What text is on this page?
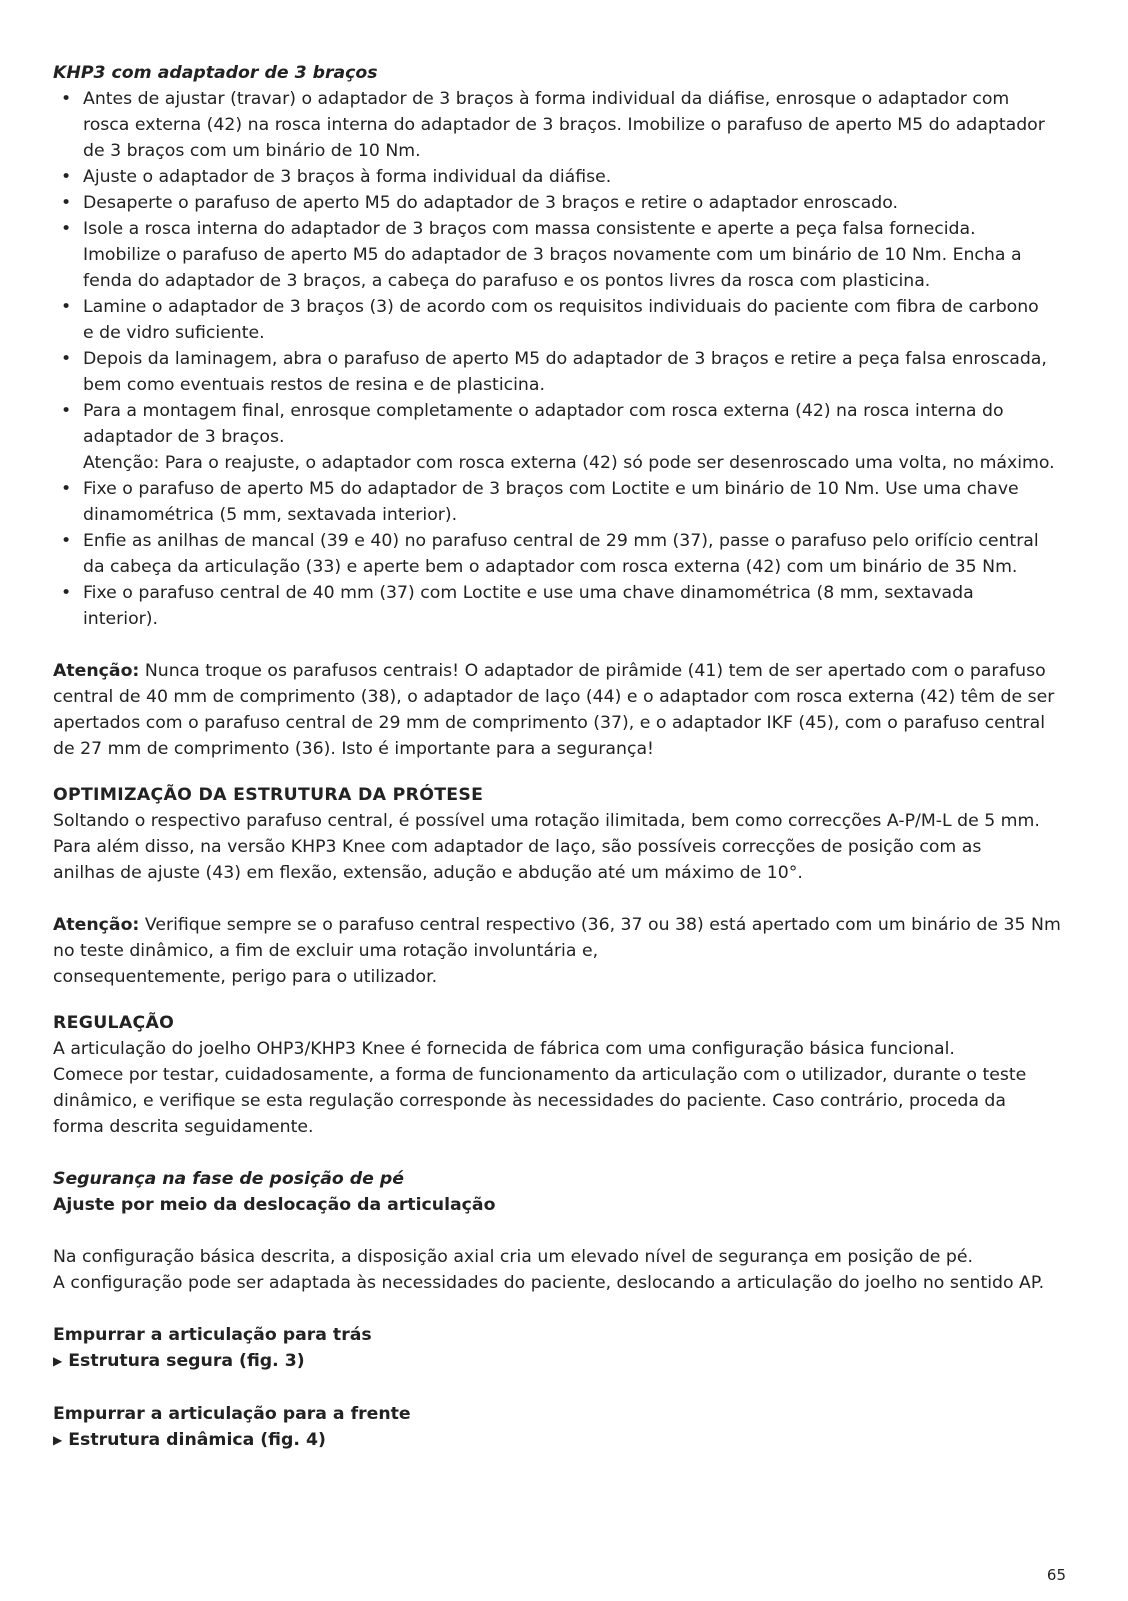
KHP3 com adaptador de 3 braços
• Antes de ajustar (travar) o adaptador de 3 braços à forma individual da diáfise, enrosque o adaptador com
rosca externa (42) na rosca interna do adaptador de 3 braços. Imobilize o parafuso de aperto M5 do adaptador
de 3 braços com um binário de 10 Nm.
• Ajuste o adaptador de 3 braços à forma individual da diáfise.
• Desaperte o parafuso de aperto M5 do adaptador de 3 braços e retire o adaptador enroscado.
• Isole a rosca interna do adaptador de 3 braços com massa consistente e aperte a peça falsa fornecida.
Imobilize o parafuso de aperto M5 do adaptador de 3 braços novamente com um binário de 10 Nm. Encha a
fenda do adaptador de 3 braços, a cabeça do parafuso e os pontos livres da rosca com plasticina.
• Lamine o adaptador de 3 braços (3) de acordo com os requisitos individuais do paciente com fibra de carbono
e de vidro suficiente.
• Depois da laminagem, abra o parafuso de aperto M5 do adaptador de 3 braços e retire a peça falsa enroscada,
bem como eventuais restos de resina e de plasticina.
• Para a montagem final, enrosque completamente o adaptador com rosca externa (42) na rosca interna do
adaptador de 3 braços.
Atenção: Para o reajuste, o adaptador com rosca externa (42) só pode ser desenroscado uma volta, no máximo.
• Fixe o parafuso de aperto M5 do adaptador de 3 braços com Loctite e um binário de 10 Nm. Use uma chave
dinamométrica (5 mm, sextavada interior).
• Enfie as anilhas de mancal (39 e 40) no parafuso central de 29 mm (37), passe o parafuso pelo orifício central
da cabeça da articulação (33) e aperte bem o adaptador com rosca externa (42) com um binário de 35 Nm.
• Fixe o parafuso central de 40 mm (37) com Loctite e use uma chave dinamométrica (8 mm, sextavada
interior).
Atenção: Nunca troque os parafusos centrais! O adaptador de pirâmide (41) tem de ser apertado com o parafuso
central de 40 mm de comprimento (38), o adaptador de laço (44) e o adaptador com rosca externa (42) têm de ser
apertados com o parafuso central de 29 mm de comprimento (37), e o adaptador IKF (45), com o parafuso central
de 27 mm de comprimento (36). Isto é importante para a segurança!
OPTIMIZAÇÃO DA ESTRUTURA DA PRÓTESE
Soltando o respectivo parafuso central, é possível uma rotação ilimitada, bem como correcções A-P/M-L de 5 mm.
Para além disso, na versão KHP3 Knee com adaptador de laço, são possíveis correcções de posição com as
anilhas de ajuste (43) em flexão, extensão, adução e abdução até um máximo de 10°.
Atenção: Verifique sempre se o parafuso central respectivo (36, 37 ou 38) está apertado com um binário de 35 Nm
no teste dinâmico, a fim de excluir uma rotação involuntária e,
consequentemente, perigo para o utilizador.
REGULAÇÃO
A articulação do joelho OHP3/KHP3 Knee é fornecida de fábrica com uma configuração básica funcional.
Comece por testar, cuidadosamente, a forma de funcionamento da articulação com o utilizador, durante o teste
dinâmico, e verifique se esta regulação corresponde às necessidades do paciente. Caso contrário, proceda da
forma descrita seguidamente.
Segurança na fase de posição de pé
Ajuste por meio da deslocação da articulação
Na configuração básica descrita, a disposição axial cria um elevado nível de segurança em posição de pé.
A configuração pode ser adaptada às necessidades do paciente, deslocando a articulação do joelho no sentido AP.
Empurrar a articulação para trás
▶ Estrutura segura (fig. 3)
Empurrar a articulação para a frente
▶ Estrutura dinâmica (fig. 4)
65
